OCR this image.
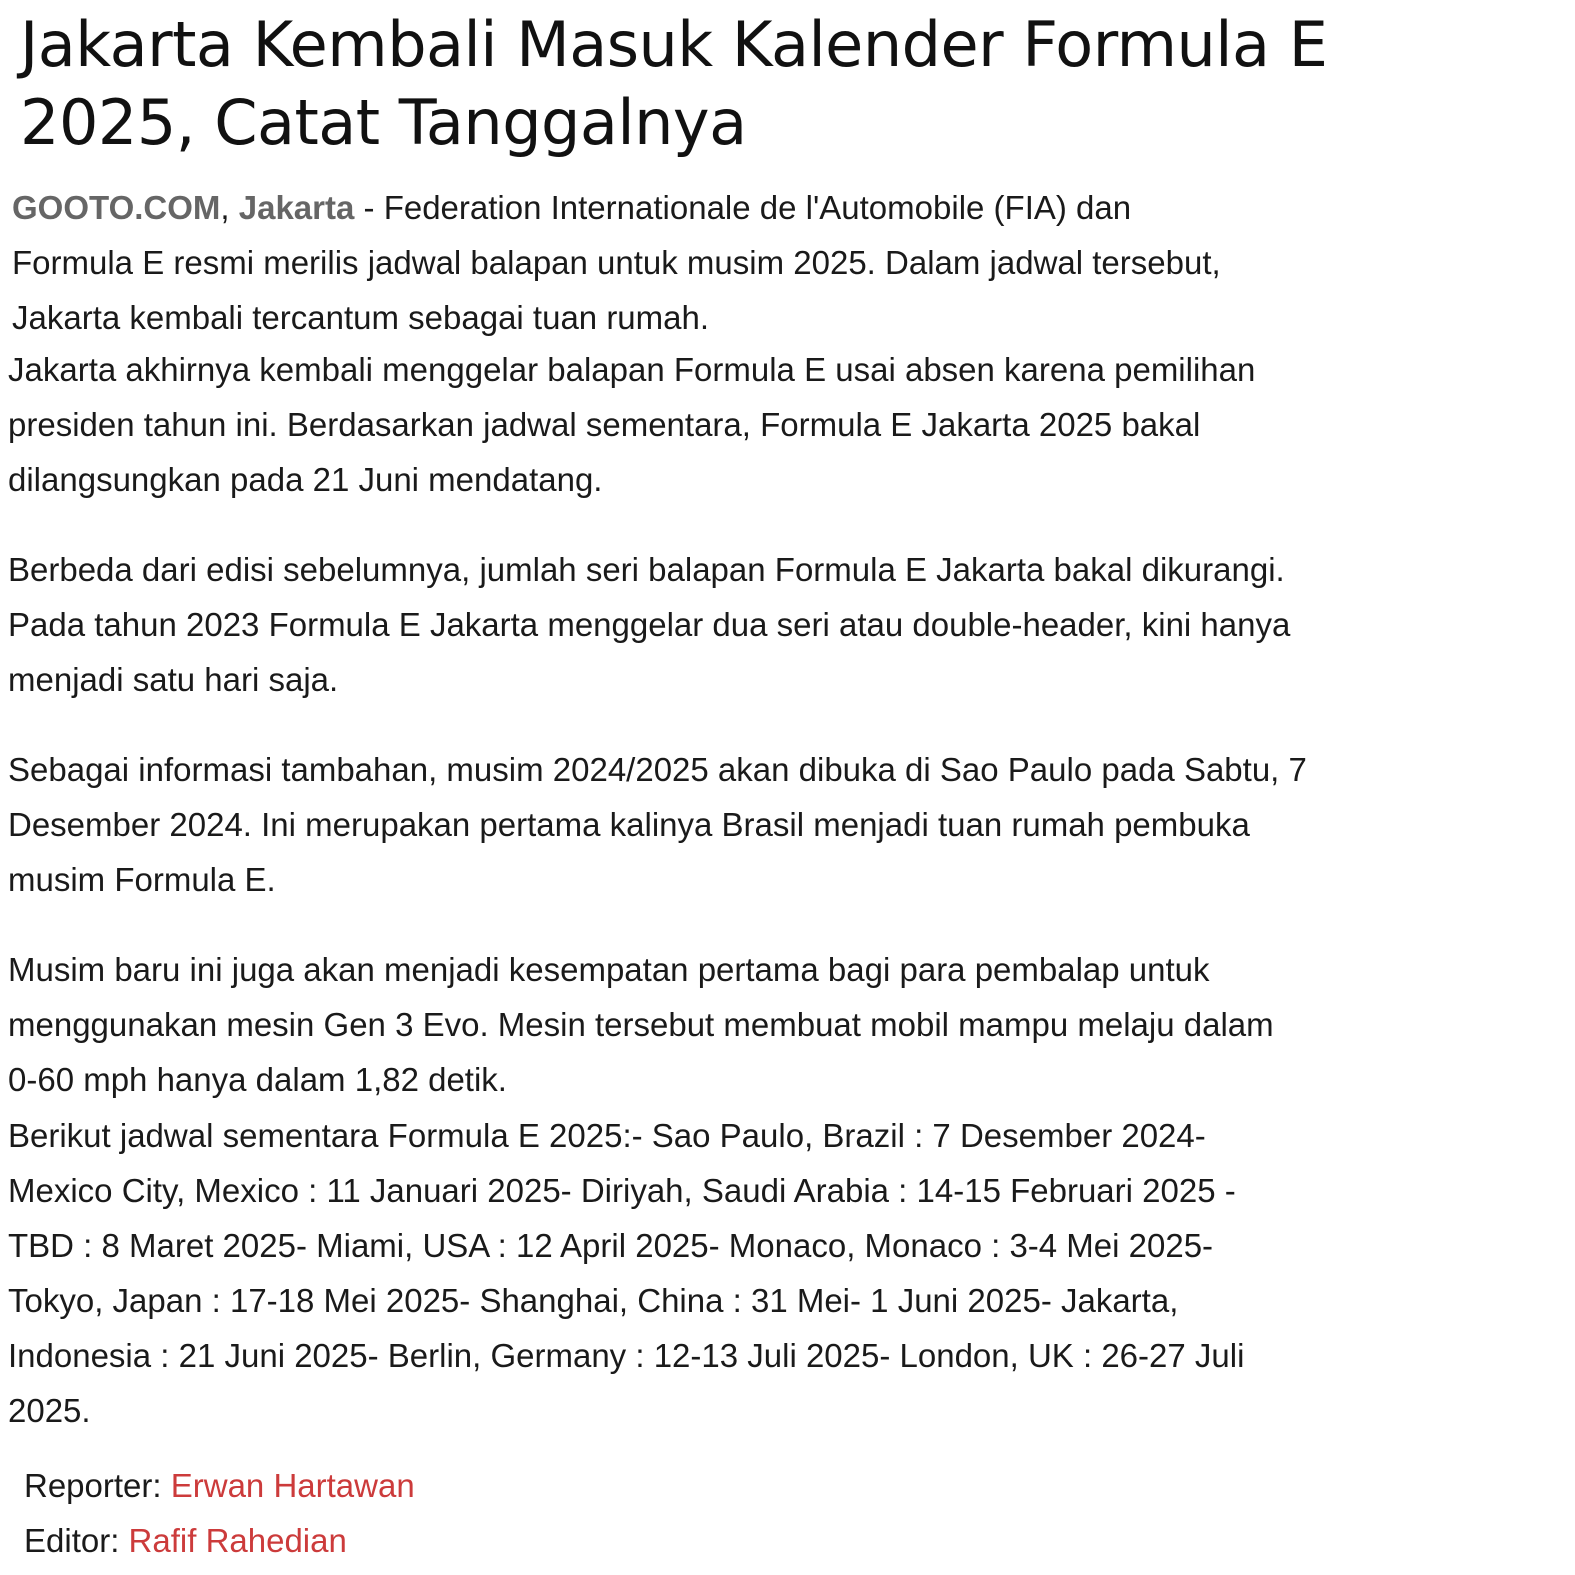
Jakarta Kembali Masuk Kalender Formula E 2025, Catat Tanggalnya

GOOTO.COM, Jakarta - Federation Internationale de l'Automobile (FIA) dan Formula E resmi merilis jadwal balapan untuk musim 2025. Dalam jadwal tersebut, Jakarta kembali tercantum sebagai tuan rumah.

Jakarta akhirnya kembali menggelar balapan Formula E usai absen karena pemilihan presiden tahun ini. Berdasarkan jadwal sementara, Formula E Jakarta 2025 bakal dilangsungkan pada 21 Juni mendatang.

Berbeda dari edisi sebelumnya, jumlah seri balapan Formula E Jakarta bakal dikurangi. Pada tahun 2023 Formula E Jakarta menggelar dua seri atau double-header, kini hanya menjadi satu hari saja.

Sebagai informasi tambahan, musim 2024/2025 akan dibuka di Sao Paulo pada Sabtu, 7 Desember 2024. Ini merupakan pertama kalinya Brasil menjadi tuan rumah pembuka musim Formula E.

Musim baru ini juga akan menjadi kesempatan pertama bagi para pembalap untuk menggunakan mesin Gen 3 Evo. Mesin tersebut membuat mobil mampu melaju dalam 0-60 mph hanya dalam 1,82 detik.

Berikut jadwal sementara Formula E 2025:- Sao Paulo, Brazil : 7 Desember 2024- Mexico City, Mexico : 11 Januari 2025- Diriyah, Saudi Arabia : 14-15 Februari 2025 - TBD : 8 Maret 2025- Miami, USA : 12 April 2025- Monaco, Monaco : 3-4 Mei 2025- Tokyo, Japan : 17-18 Mei 2025- Shanghai, China : 31 Mei- 1 Juni 2025- Jakarta, Indonesia : 21 Juni 2025- Berlin, Germany : 12-13 Juli 2025- London, UK : 26-27 Juli 2025.

Reporter: Erwan Hartawan
Editor: Rafif Rahedian
